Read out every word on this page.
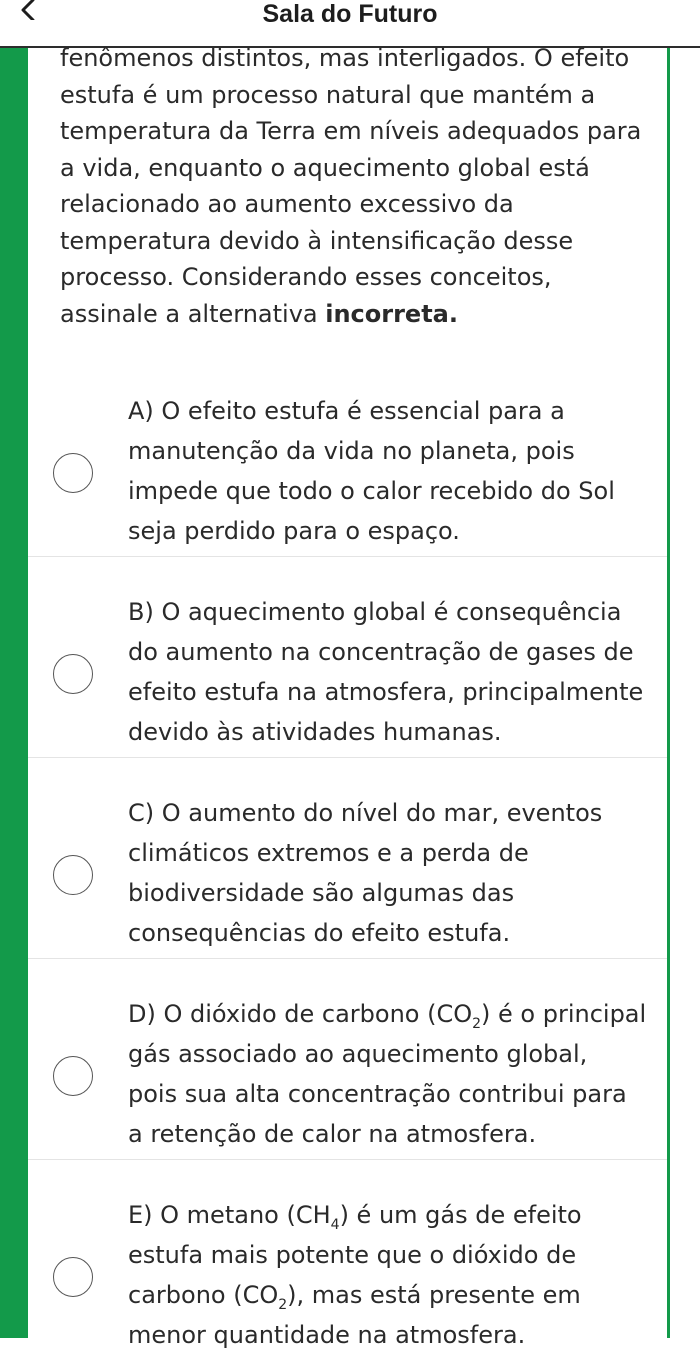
Sala do Futuro

fenômenos distintos, mas interligados. O efeito

estufa é um processo natural que mantém a

temperatura da Terra em níveis adequados para

a vida, enquanto o aquecimento global está

relacionado ao aumento excessivo da

temperatura devido à intensificação desse

processo. Considerando esses conceitos,

assinale a alternativa incorreta.

A) O efeito estufa é essencial para a

manutenção da vida no planeta, pois

impede que todo o calor recebido do Sol

seja perdido para o espaço.

B) O aquecimento global é consequência

do aumento na concentração de gases de

efeito estufa na atmosfera, principalmente

devido às atividades humanas.

C) O aumento do nível do mar, eventos

climáticos extremos e a perda de

biodiversidade são algumas das

consequências do efeito estufa.

D) O dióxido de carbono $(CO_2)$ é o principal

gás associado ao aquecimento global,

pois sua alta concentração contribui para

a retenção de calor na atmosfera.

E) O metano $(CH_4)$ é um gás de efeito

estufa mais potente que o dióxido de

carbono $(CO_2)$, mas está presente em

menor quantidade na atmosfera.
